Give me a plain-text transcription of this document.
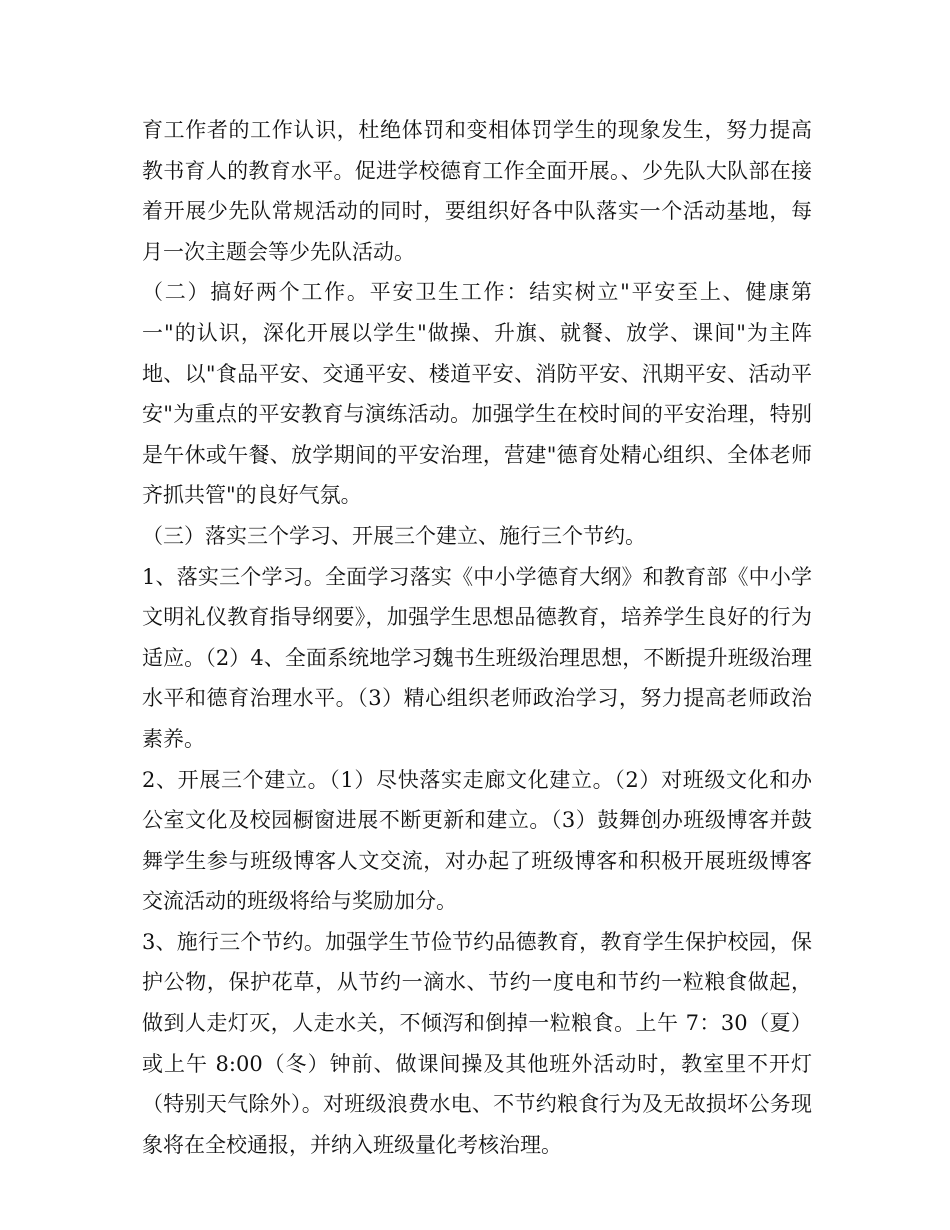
育工作者的工作认识，杜绝体罚和变相体罚学生的现象发生，努力提高教书育人的教育水平。促进学校德育工作全面开展。、少先队大队部在接着开展少先队常规活动的同时，要组织好各中队落实一个活动基地，每月一次主题会等少先队活动。

（二）搞好两个工作。平安卫生工作：结实树立"平安至上、健康第一"的认识，深化开展以学生"做操、升旗、就餐、放学、课间"为主阵地、以"食品平安、交通平安、楼道平安、消防平安、汛期平安、活动平安"为重点的平安教育与演练活动。加强学生在校时间的平安治理，特别是午休或午餐、放学期间的平安治理，营建"德育处精心组织、全体老师齐抓共管"的良好气氛。

（三）落实三个学习、开展三个建立、施行三个节约。

1、落实三个学习。全面学习落实《中小学德育大纲》和教育部《中小学文明礼仪教育指导纲要》，加强学生思想品德教育，培养学生良好的行为适应。（2）4、全面系统地学习魏书生班级治理思想，不断提升班级治理水平和德育治理水平。（3）精心组织老师政治学习，努力提高老师政治素养。

2、开展三个建立。（1）尽快落实走廊文化建立。（2）对班级文化和办公室文化及校园橱窗进展不断更新和建立。（3）鼓舞创办班级博客并鼓舞学生参与班级博客人文交流，对办起了班级博客和积极开展班级博客交流活动的班级将给与奖励加分。

3、施行三个节约。加强学生节俭节约品德教育，教育学生保护校园，保护公物，保护花草，从节约一滴水、节约一度电和节约一粒粮食做起，做到人走灯灭，人走水关，不倾泻和倒掉一粒粮食。上午 7：30（夏）或上午 8:00（冬）钟前、做课间操及其他班外活动时，教室里不开灯（特别天气除外）。对班级浪费水电、不节约粮食行为及无故损坏公务现象将在全校通报，并纳入班级量化考核治理。
